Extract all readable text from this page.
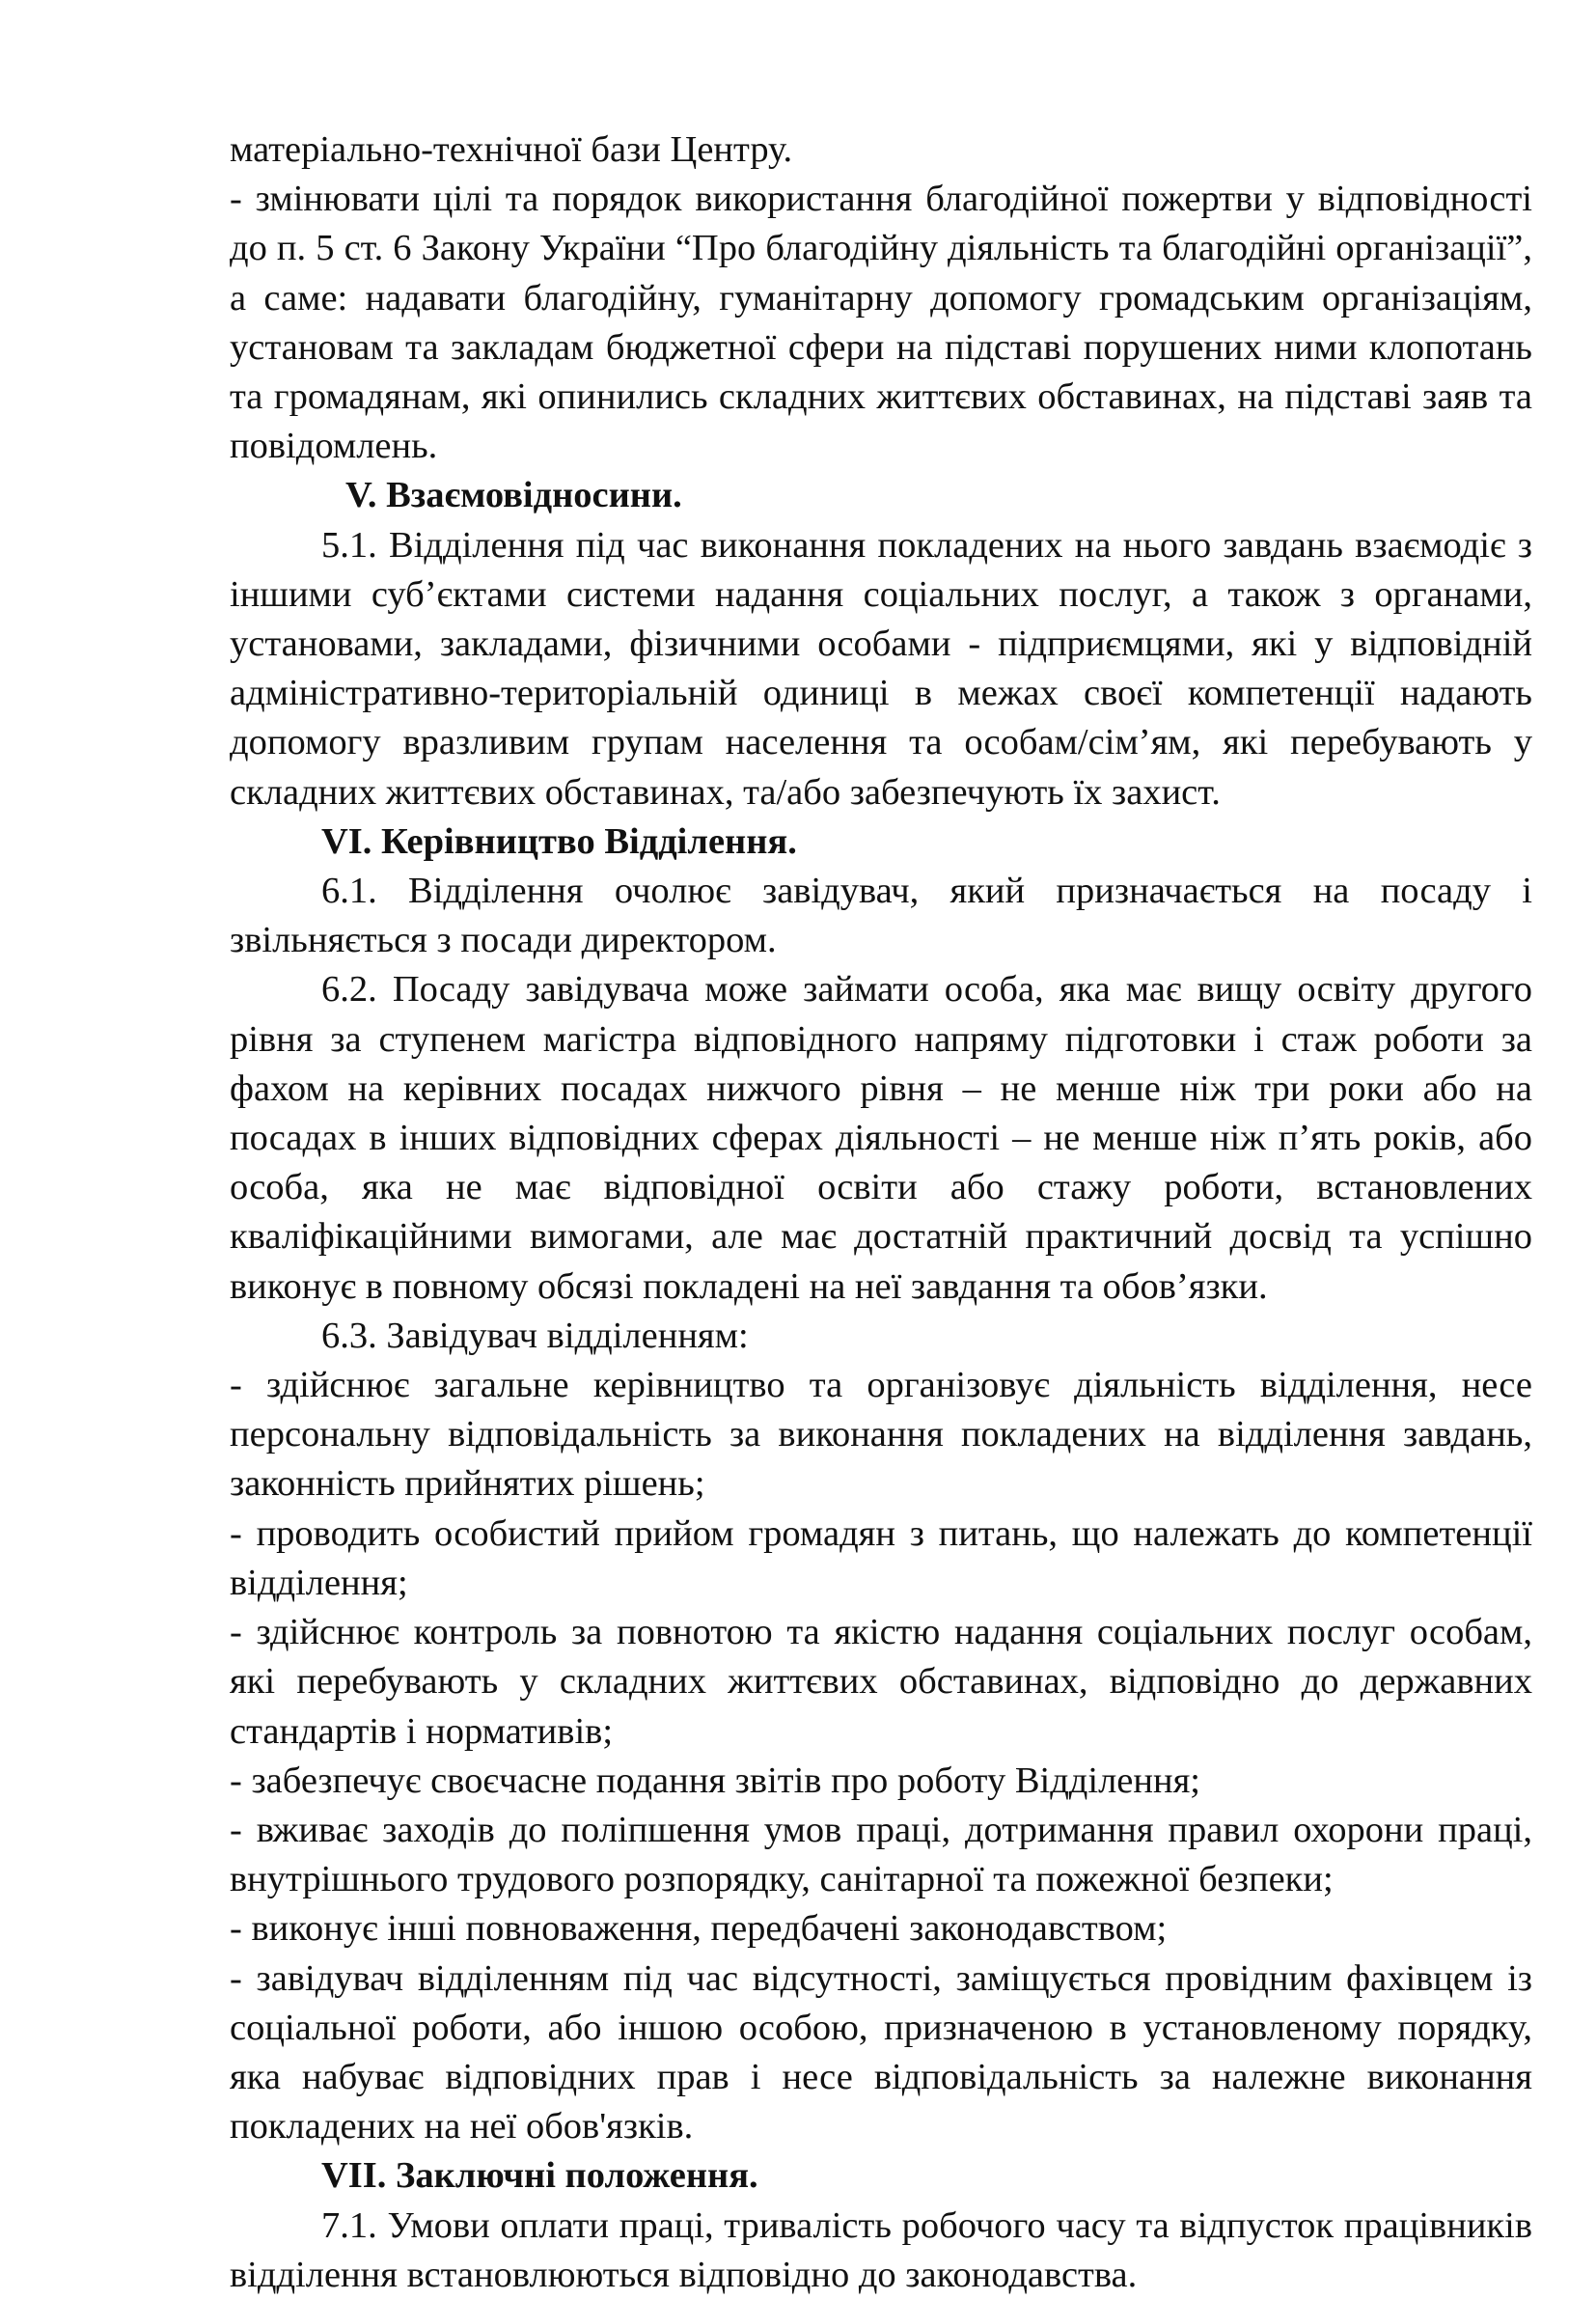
матеріально-технічної бази Центру.

- змінювати цілі та порядок використання благодійної пожертви у відповідності до п. 5 ст. 6 Закону України “Про благодійну діяльність та благодійні організації”, а саме: надавати благодійну, гуманітарну допомогу громадським організаціям, установам та закладам бюджетної сфери на підставі порушених ними клопотань та громадянам, які опинились складних життєвих обставинах, на підставі заяв та повідомлень.

V. Взаємовідносини.

5.1. Відділення під час виконання покладених на нього завдань взаємодіє з іншими суб’єктами системи надання соціальних послуг, а також з органами, установами, закладами, фізичними особами - підприємцями, які у відповідній адміністративно-територіальній одиниці в межах своєї компетенції надають допомогу вразливим групам населення та особам/сім’ям, які перебувають у складних життєвих обставинах, та/або забезпечують їх захист.

VI. Керівництво Відділення.

6.1. Відділення очолює завідувач, який призначається на посаду і звільняється з посади директором.

6.2. Посаду завідувача може займати особа, яка має вищу освіту другого рівня за ступенем магістра відповідного напряму підготовки і стаж роботи за фахом на керівних посадах нижчого рівня – не менше ніж три роки або на посадах в інших відповідних сферах діяльності – не менше ніж п’ять років, або особа, яка не має відповідної освіти або стажу роботи, встановлених кваліфікаційними вимогами, але має достатній практичний досвід та успішно виконує в повному обсязі покладені на неї завдання та обов’язки.

6.3. Завідувач відділенням:

- здійснює загальне керівництво та організовує діяльність відділення, несе персональну відповідальність за виконання покладених на відділення завдань, законність прийнятих рішень;

- проводить особистий прийом громадян з питань, що належать до компетенції відділення;

- здійснює контроль за повнотою та якістю надання соціальних послуг особам, які перебувають у складних життєвих обставинах, відповідно до державних стандартів і нормативів;

- забезпечує своєчасне подання звітів про роботу Відділення;

- вживає заходів до поліпшення умов праці, дотримання правил охорони праці, внутрішнього трудового розпорядку, санітарної та пожежної безпеки;

- виконує інші повноваження, передбачені законодавством;

- завідувач відділенням під час відсутності, заміщується провідним фахівцем із соціальної роботи, або іншою особою, призначеною в установленому порядку, яка набуває відповідних прав і несе відповідальність за належне виконання покладених на неї обов'язків.

VII. Заключні положення.

7.1. Умови оплати праці, тривалість робочого часу та відпусток працівників відділення встановлюються відповідно до законодавства.
